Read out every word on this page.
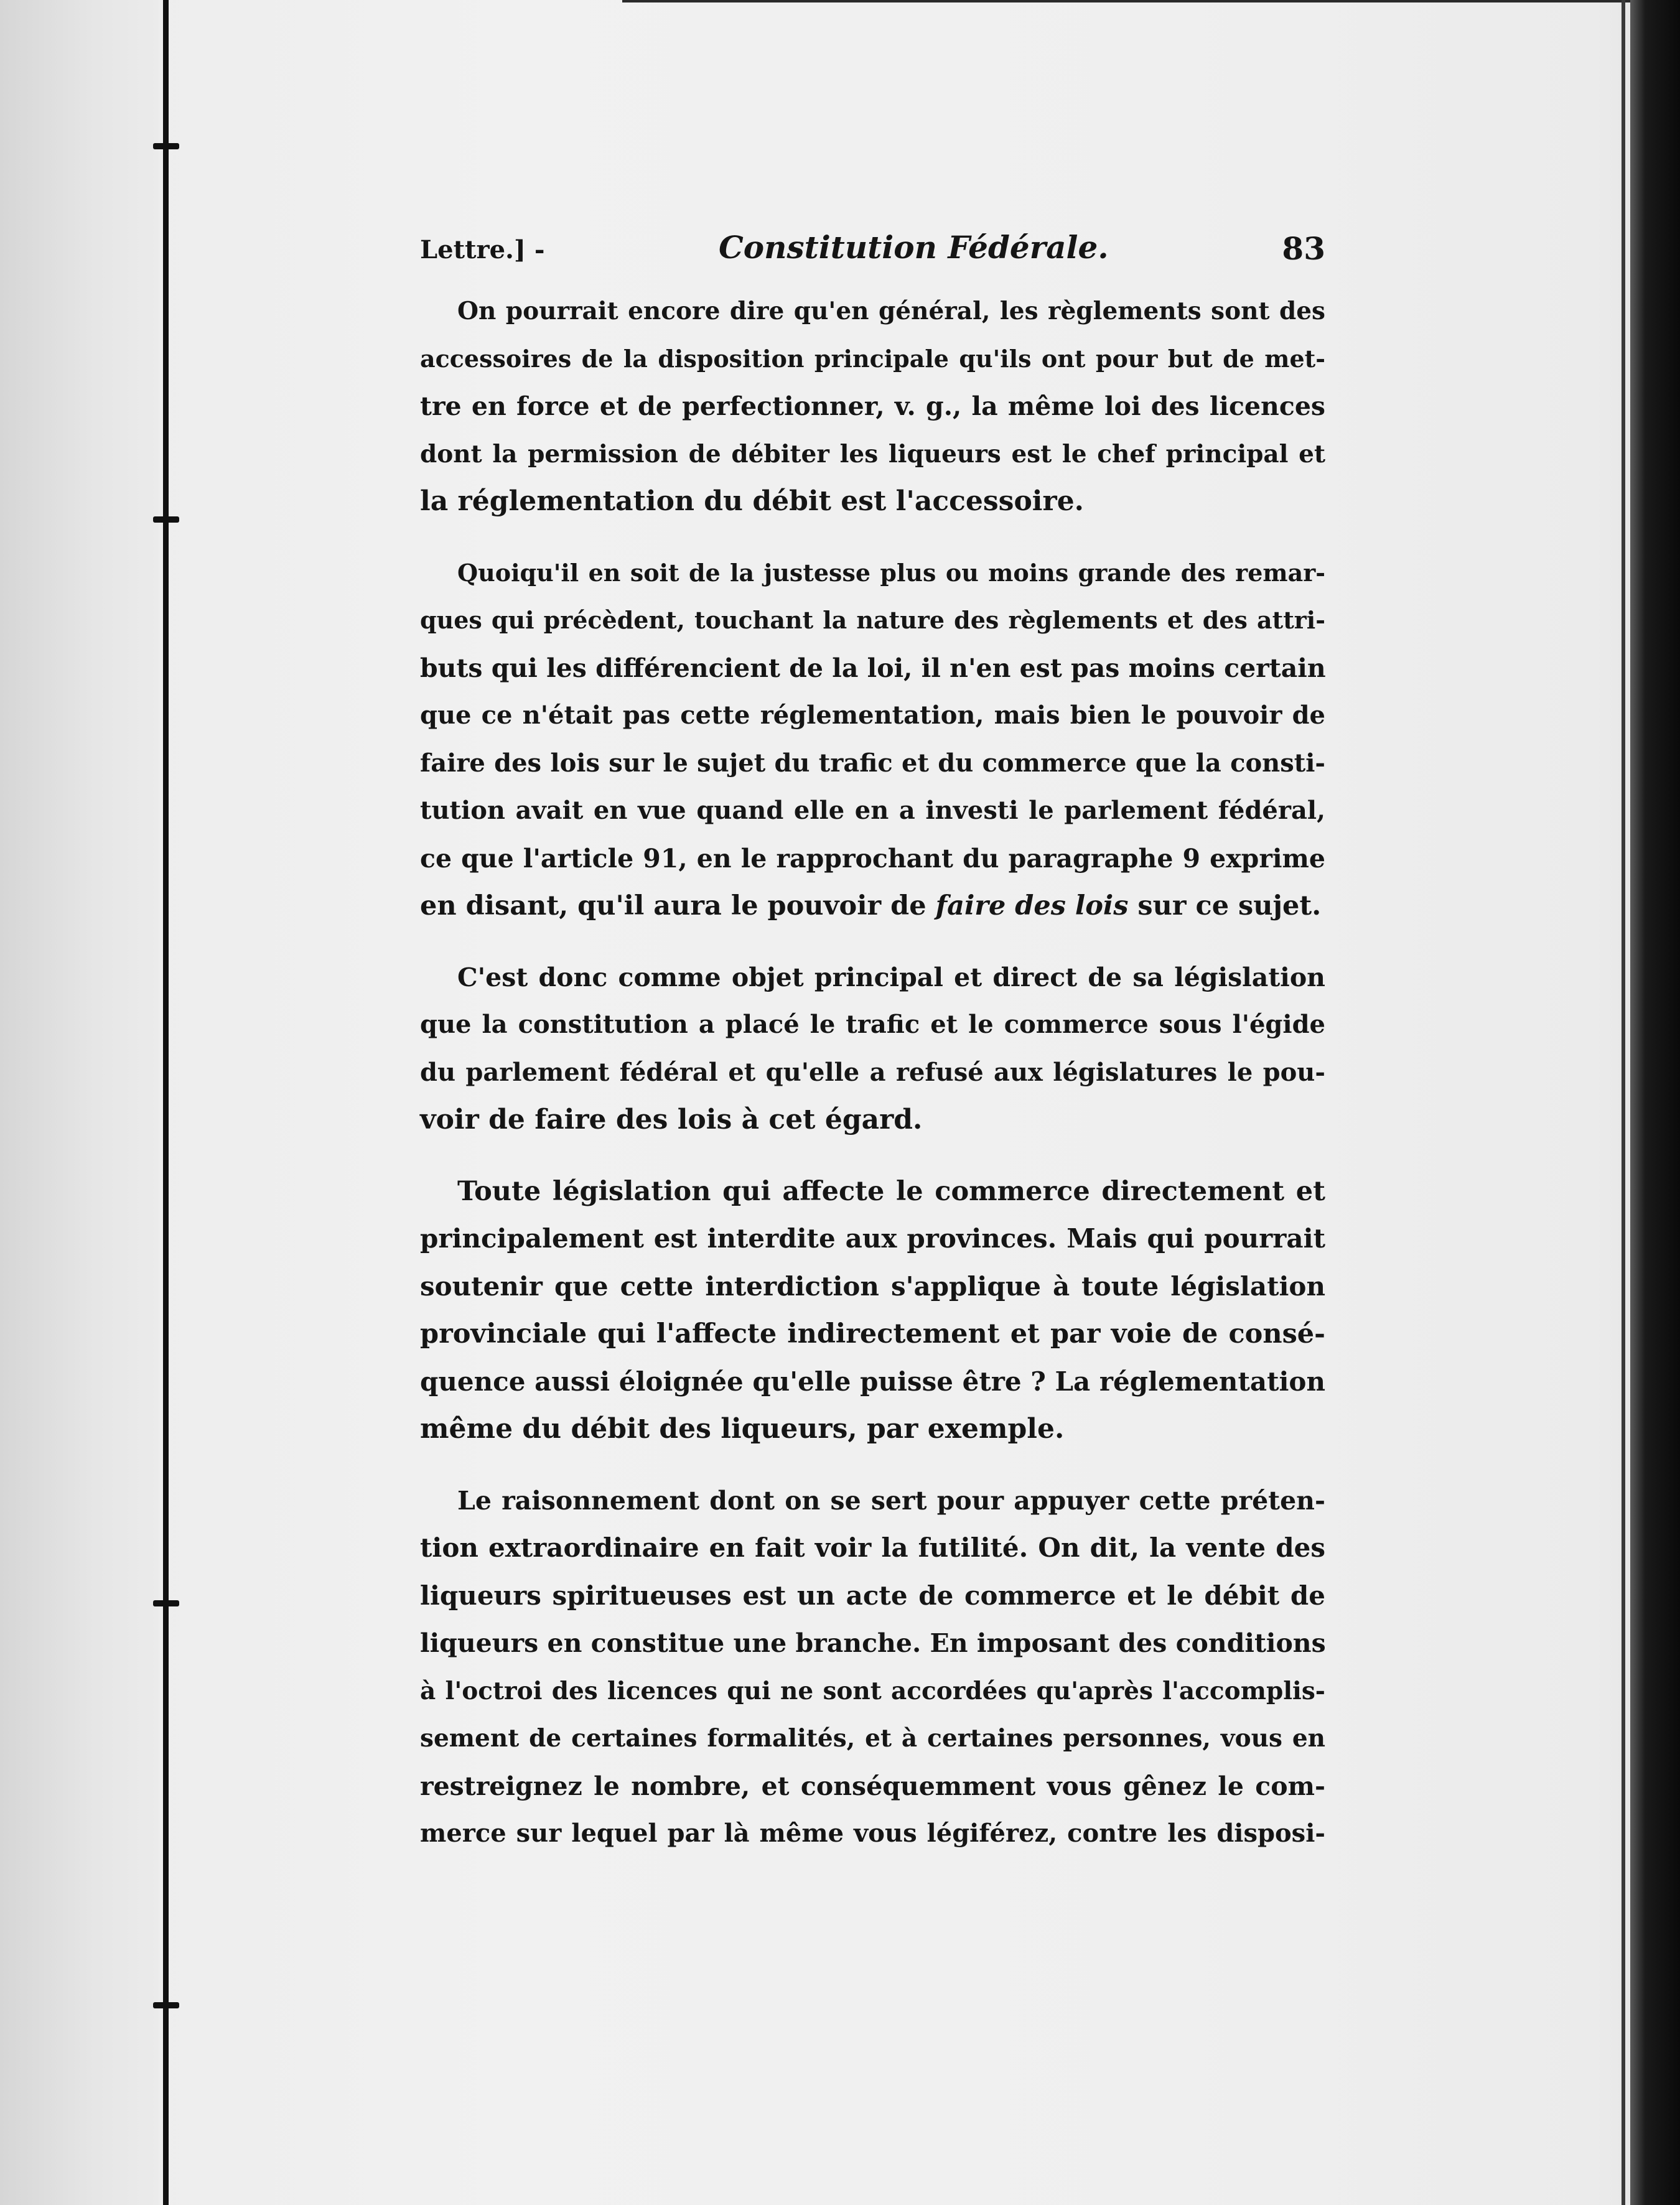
Lettre.] -	Constitution Fédérale.	83
On pourrait encore dire qu'en général, les règlements sont des
accessoires de la disposition principale qu'ils ont pour but de met-
tre en force et de perfectionner, v. g., la même loi des licences
dont la permission de débiter les liqueurs est le chef principal et
la réglementation du débit est l'accessoire.
Quoiqu'il en soit de la justesse plus ou moins grande des remar-
ques qui précèdent, touchant la nature des règlements et des attri-
buts qui les différencient de la loi, il n'en est pas moins certain
que ce n'était pas cette réglementation, mais bien le pouvoir de
faire des lois sur le sujet du trafic et du commerce que la consti-
tution avait en vue quand elle en a investi le parlement fédéral,
ce que l'article 91, en le rapprochant du paragraphe 9 exprime
en disant, qu'il aura le pouvoir de faire des lois sur ce sujet.
C'est donc comme objet principal et direct de sa législation
que la constitution a placé le trafic et le commerce sous l'égide
du parlement fédéral et qu'elle a refusé aux législatures le pou-
voir de faire des lois à cet égard.
Toute législation qui affecte le commerce directement et
principalement est interdite aux provinces. Mais qui pourrait
soutenir que cette interdiction s'applique à toute législation
provinciale qui l'affecte indirectement et par voie de consé-
quence aussi éloignée qu'elle puisse être ? La réglementation
même du débit des liqueurs, par exemple.
Le raisonnement dont on se sert pour appuyer cette préten-
tion extraordinaire en fait voir la futilité. On dit, la vente des
liqueurs spiritueuses est un acte de commerce et le débit de
liqueurs en constitue une branche. En imposant des conditions
à l'octroi des licences qui ne sont accordées qu'après l'accomplis-
sement de certaines formalités, et à certaines personnes, vous en
restreignez le nombre, et conséquemment vous gênez le com-
merce sur lequel par là même vous légiférez, contre les disposi-
